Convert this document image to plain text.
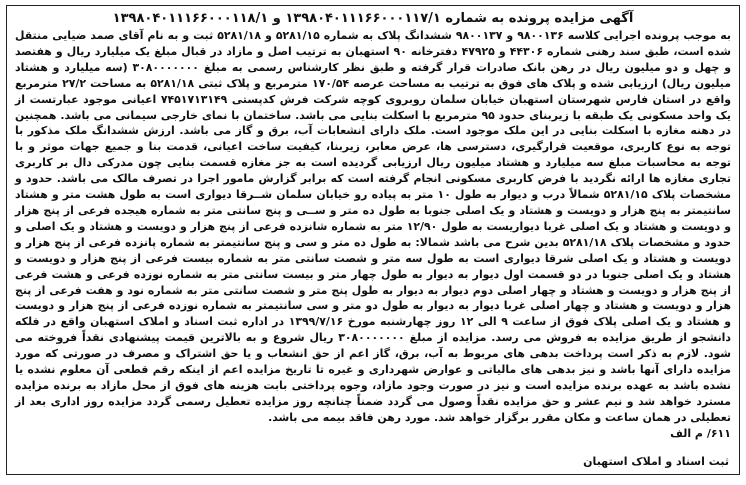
آگهی مزایده پرونده به شماره ۱۳۹۸۰۴۰۱۱۱۶۶۰۰۰۱۱۷/۱ و ۱۳۹۸۰۴۰۱۱۱۶۶۰۰۰۱۱۸/۱

به موجب پرونده اجرایی کلاسه ۹۸۰۰۱۳۶ و ۹۸۰۰۱۳۷ ششدانگ پلاک به شماره ۵۲۸۱/۱۵ و ۵۲۸۱/۱۸ ثبت و به نام آقای صمد ضیایی منتقل شده است، طبق سند رهنی شماره ۴۴۳۰۶ و ۴۷۹۲۵ دفترخانه ۹۰ استهبان به ترتیب اصل و مازاد در قبال مبلغ یک میلیارد ریال و هفتصد و چهل و دو میلیون ریال در رهن بانک صادرات قرار گرفته و طبق نظر کارشناس رسمی به مبلغ ۳۰۸۰۰۰۰۰۰۰ (سه میلیارد و هشتاد میلیون ریال) ارزیابی شده و پلاک های فوق به ترتیب به مساحت عرصه ۱۷۰/۵۴ مترمربع و پلاک ثبتی ۵۲۸۱/۱۸ به مساحت ۲۷/۲ مترمربع واقع در استان فارس شهرستان استهبان خیابان سلمان روبروی کوچه شرکت فرش کدپستی ۷۴۵۱۷۱۳۱۴۹ اعیانی موجود عبارتست از یک واحد مسکونی یک طبقه با زیربنای حدود ۹۵ مترمربع با اسکلت بنایی می باشد. ساختمان با نمای خارجی سیمانی می باشد. همچنین در دهنه مغازه با اسکلت بنایی در این ملک موجود است. ملک دارای انشعابات آب، برق و گاز می باشد. ارزش ششدانگ ملک مذکور با توجه به نوع کاربری، موقعیت قرارگیری، دسترسی ها، عرض معابر، زیربنا، کیفیت ساخت اعیانی، قدمت بنا و جمیع جهات موثر و با توجه به محاسبات مبلغ سه میلیارد و هشتاد میلیون ریال ارزیابی گردیده است به جز مغازه قسمت بنایی چون مدرکی دال بر کاربری تجاری مغازه ها ارائه نگردید با فرض کاربری مسکونی انجام گرفته است که برابر گزارش مامور اجرا در تصرف مالک می باشد. حدود و مشخصات پلاک ۵۲۸۱/۱۵ شمالاً درب و دیوار به طول ۱۰ متر به پیاده رو خیابان سلمان شــرقا دیواری است به طول هشت متر و هشتاد سانتیمتر به پنج هزار و دویست و هشتاد و یک اصلی جنوبا به طول ده متر و ســی و پنج سانتی متر به شماره هیجده فرعی از پنج هزار و دویست و هشتاد و یک اصلی غربا دیواریست به طول ۱۲/۹۰ متر به شماره شانزده فرعی از پنج هزار و دویست و هشتاد و یک اصلی و حدود و مشخصات پلاک ۵۲۸۱/۱۸ بدین شرح می باشد شمالا: به طول ده متر و سی و پنج سانتیمتر به شماره پانزده فرعی از پنج هزار و دویست و هشتاد و یک اصلی شرقا دیواری است به طول سه متر و شصت سانتی متر به شماره بیست فرعی از پنج هزار و دویست و هشتاد و یک اصلی جنوبا در دو قسمت اول دیوار به دیوار به طول چهار متر و بیست سانتی متر به شماره نوزده فرعی و هشت فرعی از پنج هزار و دویست و هشتاد و چهار اصلی دوم دیوار به دیوار به طول پنج متر و شصت سانتی متر به شماره نود و هفت فرعی از پنج هزار و دویست و هشتاد و چهار اصلی غربا دیوار به دیوار به طول دو متر و سی سانتیمتر به شماره نوزده فرعی از پنج هزار و دویست و هشتاد و یک اصلی پلاک فوق از ساعت ۹ الی ۱۲ روز چهارشنبه مورخ ۱۳۹۹/۷/۱۶ در اداره ثبت اسناد و املاک استهبان واقع در فلکه دانشجو از طریق مزایده به فروش می رسد. مزایده از مبلغ ۳۰۸۰۰۰۰۰۰۰ ریال شروع و به بالاترین قیمت پیشنهادی نقداً فروخته می شود. لازم به ذکر است پرداخت بدهی های مربوط به آب، برق، گاز اعم از حق انشعاب و یا حق اشتراک و مصرف در صورتی که مورد مزایده دارای آنها باشد و نیز بدهی های مالیاتی و عوارض شهرداری و غیره تا تاریخ مزایده اعم از اینکه رقم قطعی آن معلوم نشده یا نشده باشد به عهده برنده مزایده است و نیز در صورت وجود مازاد، وجوه پرداختی بابت هزینه های فوق از محل مازاد به برنده مزایده مسترد خواهد شد و نیم عشر و حق مزایده نقداً وصول می گردد ضمناً چنانچه روز مزایده تعطیل رسمی گردد مزایده روز اداری بعد از تعطیلی در همان ساعت و مکان مقرر برگزار خواهد شد. مورد رهن فاقد بیمه می باشد.

۶۱۱/ م الف

ثبت اسناد و املاک استهبان
